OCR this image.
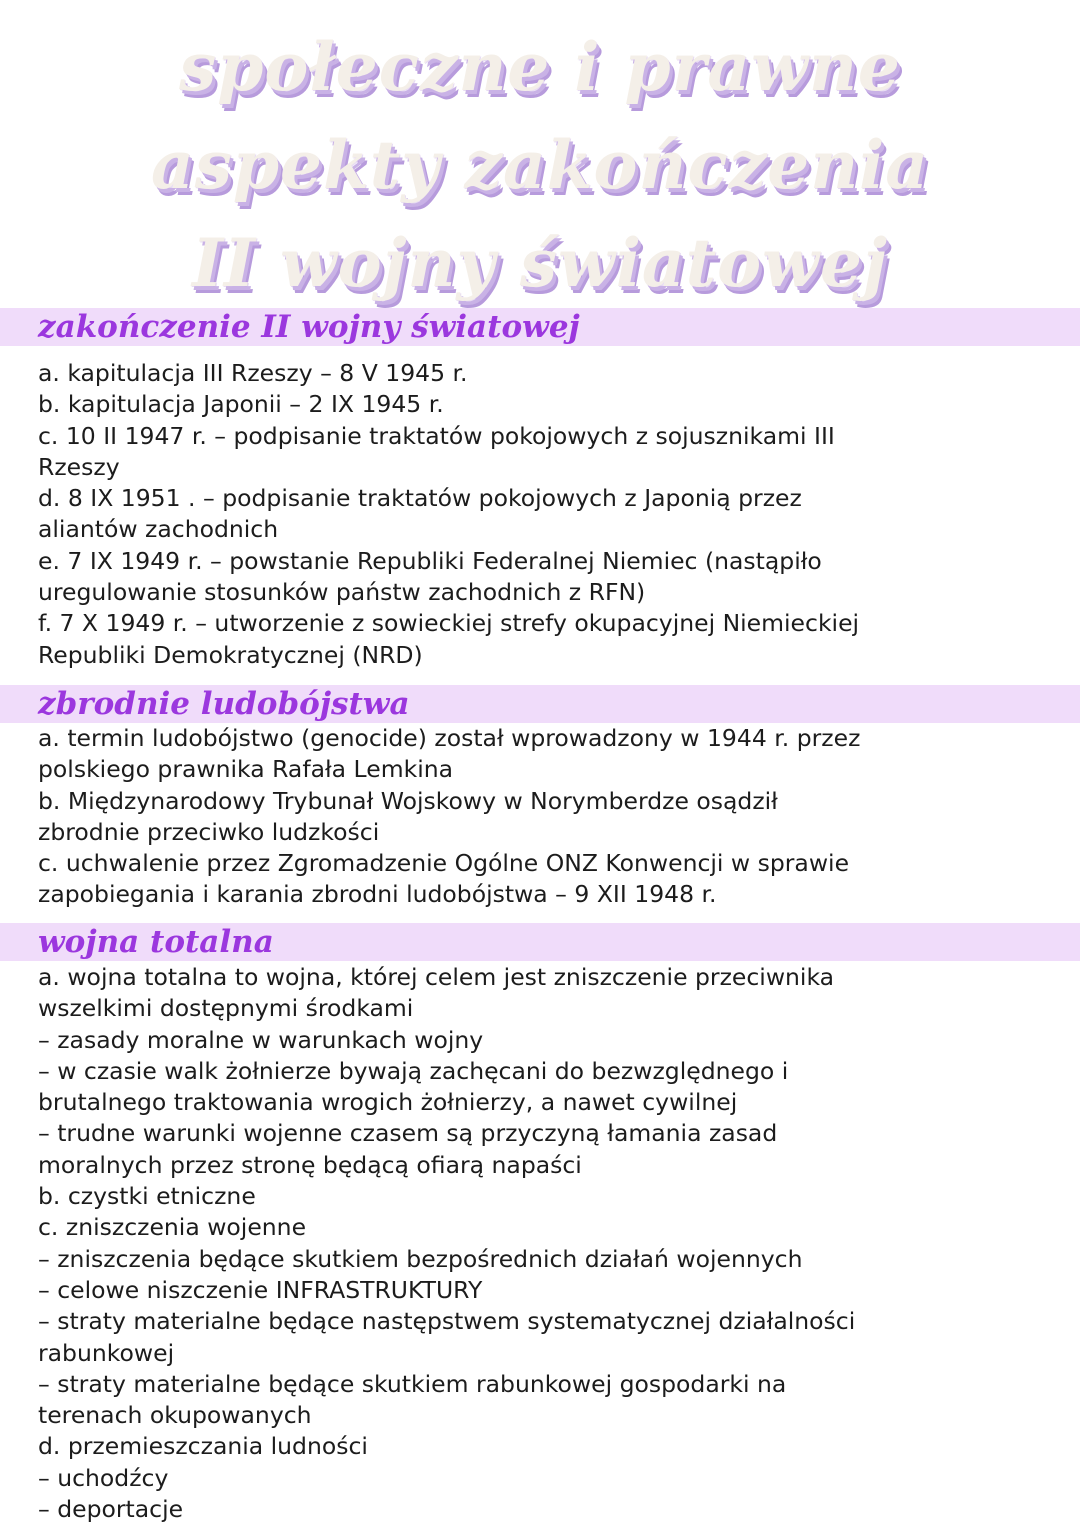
społeczne i prawne
aspekty zakończenia
II wojny światowej
zakończenie II wojny światowej
a. kapitulacja III Rzeszy – 8 V 1945 r.
b. kapitulacja Japonii – 2 IX 1945 r.
c. 10 II 1947 r. – podpisanie traktatów pokojowych z sojusznikami III
Rzeszy
d. 8 IX 1951 . – podpisanie traktatów pokojowych z Japonią przez
aliantów zachodnich
e. 7 IX 1949 r. – powstanie Republiki Federalnej Niemiec (nastąpiło
uregulowanie stosunków państw zachodnich z RFN)
f. 7 X 1949 r. – utworzenie z sowieckiej strefy okupacyjnej Niemieckiej
Republiki Demokratycznej (NRD)
zbrodnie ludobójstwa
a. termin ludobójstwo (genocide) został wprowadzony w 1944 r. przez
polskiego prawnika Rafała Lemkina
b. Międzynarodowy Trybunał Wojskowy w Norymberdze osądził
zbrodnie przeciwko ludzkości
c. uchwalenie przez Zgromadzenie Ogólne ONZ Konwencji w sprawie
zapobiegania i karania zbrodni ludobójstwa – 9 XII 1948 r.
wojna totalna
a. wojna totalna to wojna, której celem jest zniszczenie przeciwnika
wszelkimi dostępnymi środkami
– zasady moralne w warunkach wojny
– w czasie walk żołnierze bywają zachęcani do bezwzględnego i
brutalnego traktowania wrogich żołnierzy, a nawet cywilnej
– trudne warunki wojenne czasem są przyczyną łamania zasad
moralnych przez stronę będącą ofiarą napaści
b. czystki etniczne
c. zniszczenia wojenne
– zniszczenia będące skutkiem bezpośrednich działań wojennych
– celowe niszczenie INFRASTRUKTURY
– straty materialne będące następstwem systematycznej działalności
rabunkowej
– straty materialne będące skutkiem rabunkowej gospodarki na
terenach okupowanych
d. przemieszczania ludności
– uchodźcy
– deportacje
